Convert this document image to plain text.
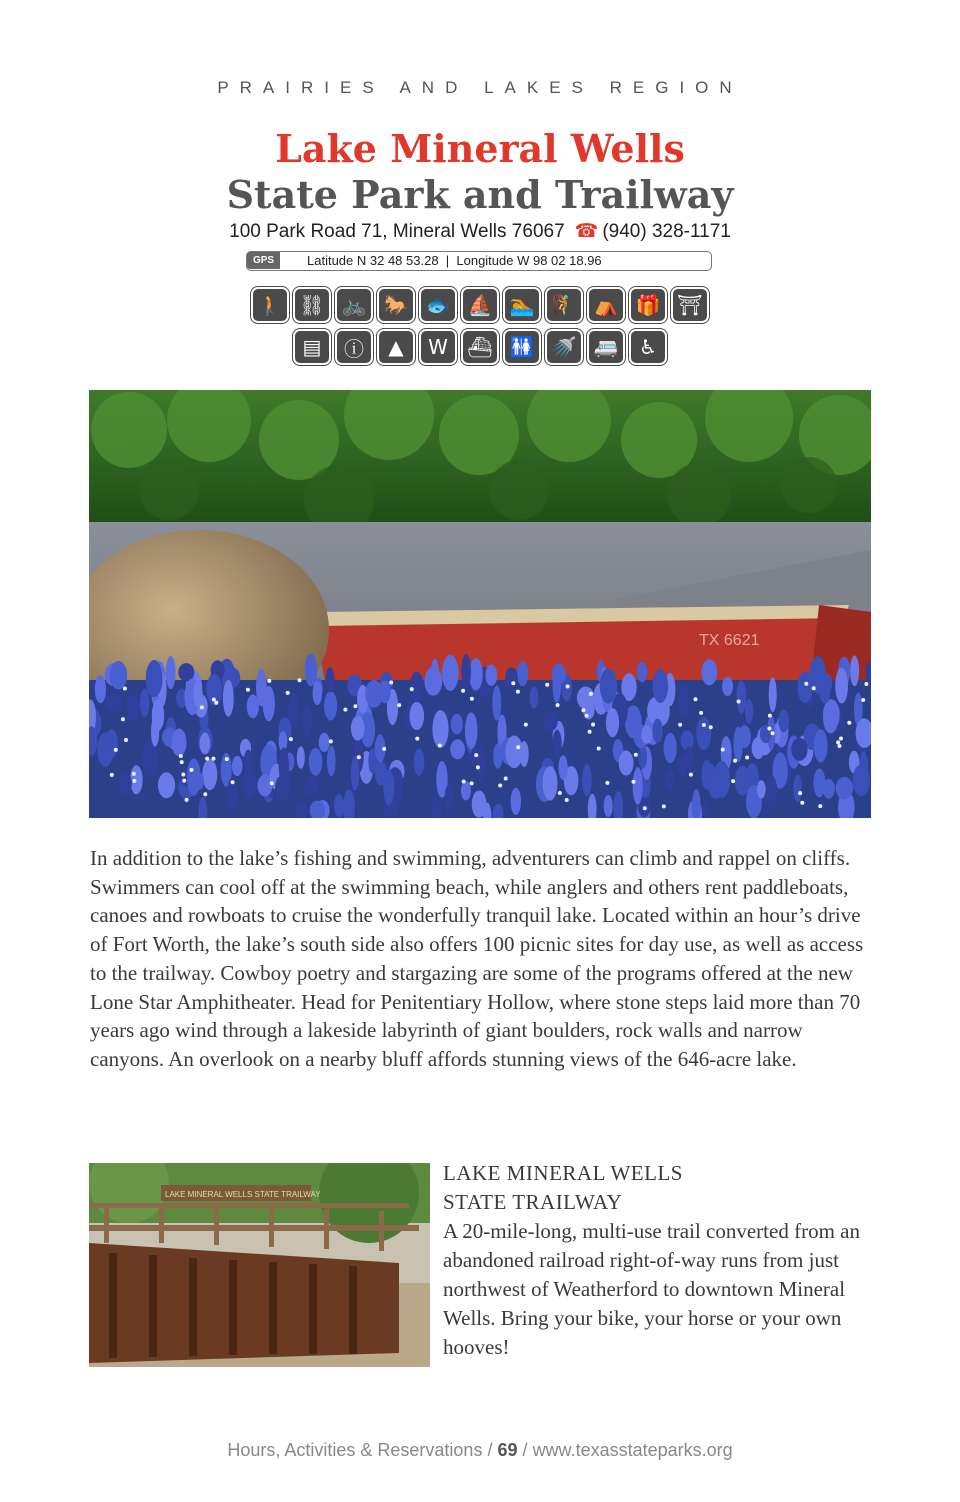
PRAIRIES AND LAKES REGION
Lake Mineral Wells
State Park and Trailway
100 Park Road 71, Mineral Wells 76067 ☎ (940) 328-1171
GPS	Latitude N 32 48 53.28  |  Longitude W 98 02 18.96
🚶 ⛓ 🚲 🐎 🐟 ⛵ 🏊 🧗 ⛺ 🎁 ⛩
▤	ⓘ	▲	W ⛴ 🚻 🚿 🚐	♿
TX 6621
In addition to the lake’s fishing and swimming, adventurers can climb and rappel on cliffs. Swimmers can cool off at the swimming beach, while anglers and others rent paddleboats, canoes and rowboats to cruise the wonderfully tranquil lake. Located within an hour’s drive of Fort Worth, the lake’s south side also offers 100 picnic sites for day use, as well as access to the trailway. Cowboy poetry and stargazing are some of the programs offered at the new Lone Star Amphitheater. Head for Penitentiary Hollow, where stone steps laid more than 70 years ago wind through a lakeside labyrinth of giant boulders, rock walls and narrow canyons. An overlook on a nearby bluff affords stunning views of the 646-acre lake.
LAKE MINERAL WELLS STATE TRAILWAY
LAKE MINERAL WELLS
STATE TRAILWAY
A 20-mile-long, multi-use trail converted from an abandoned railroad right-of-way runs from just northwest of Weatherford to downtown Mineral Wells. Bring your bike, your horse or your own hooves!
Hours, Activities & Reservations / 69 / www.texasstateparks.org
